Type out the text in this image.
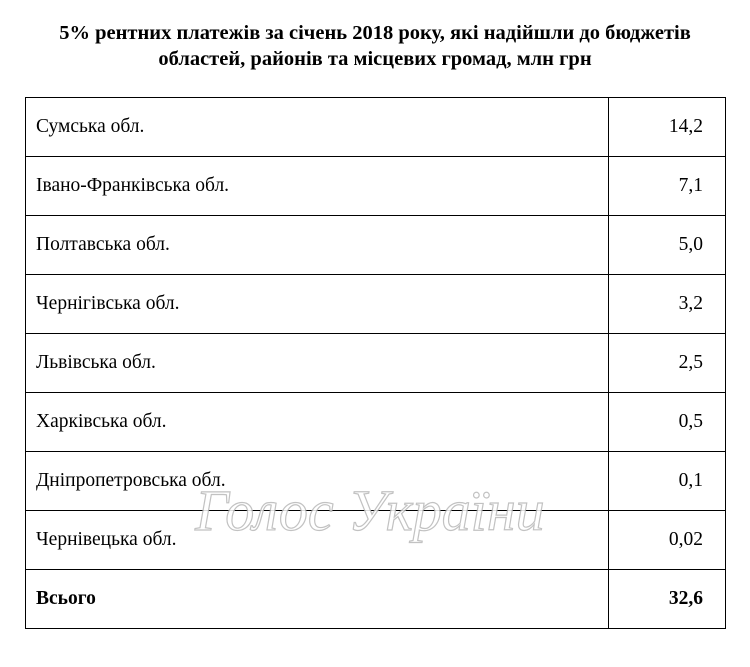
5% рентних платежів за січень 2018 року, які надійшли до бюджетів
областей, районів та місцевих громад, млн грн
Сумська обл.	14,2
Івано-Франківська обл.	7,1
Полтавська обл.	5,0
Чернігівська обл.	3,2
Львівська обл.	2,5
Харківська обл.	0,5
Дніпропетровська обл.	0,1
Чернівецька обл.	0,02
Всього	32,6
Голос України
